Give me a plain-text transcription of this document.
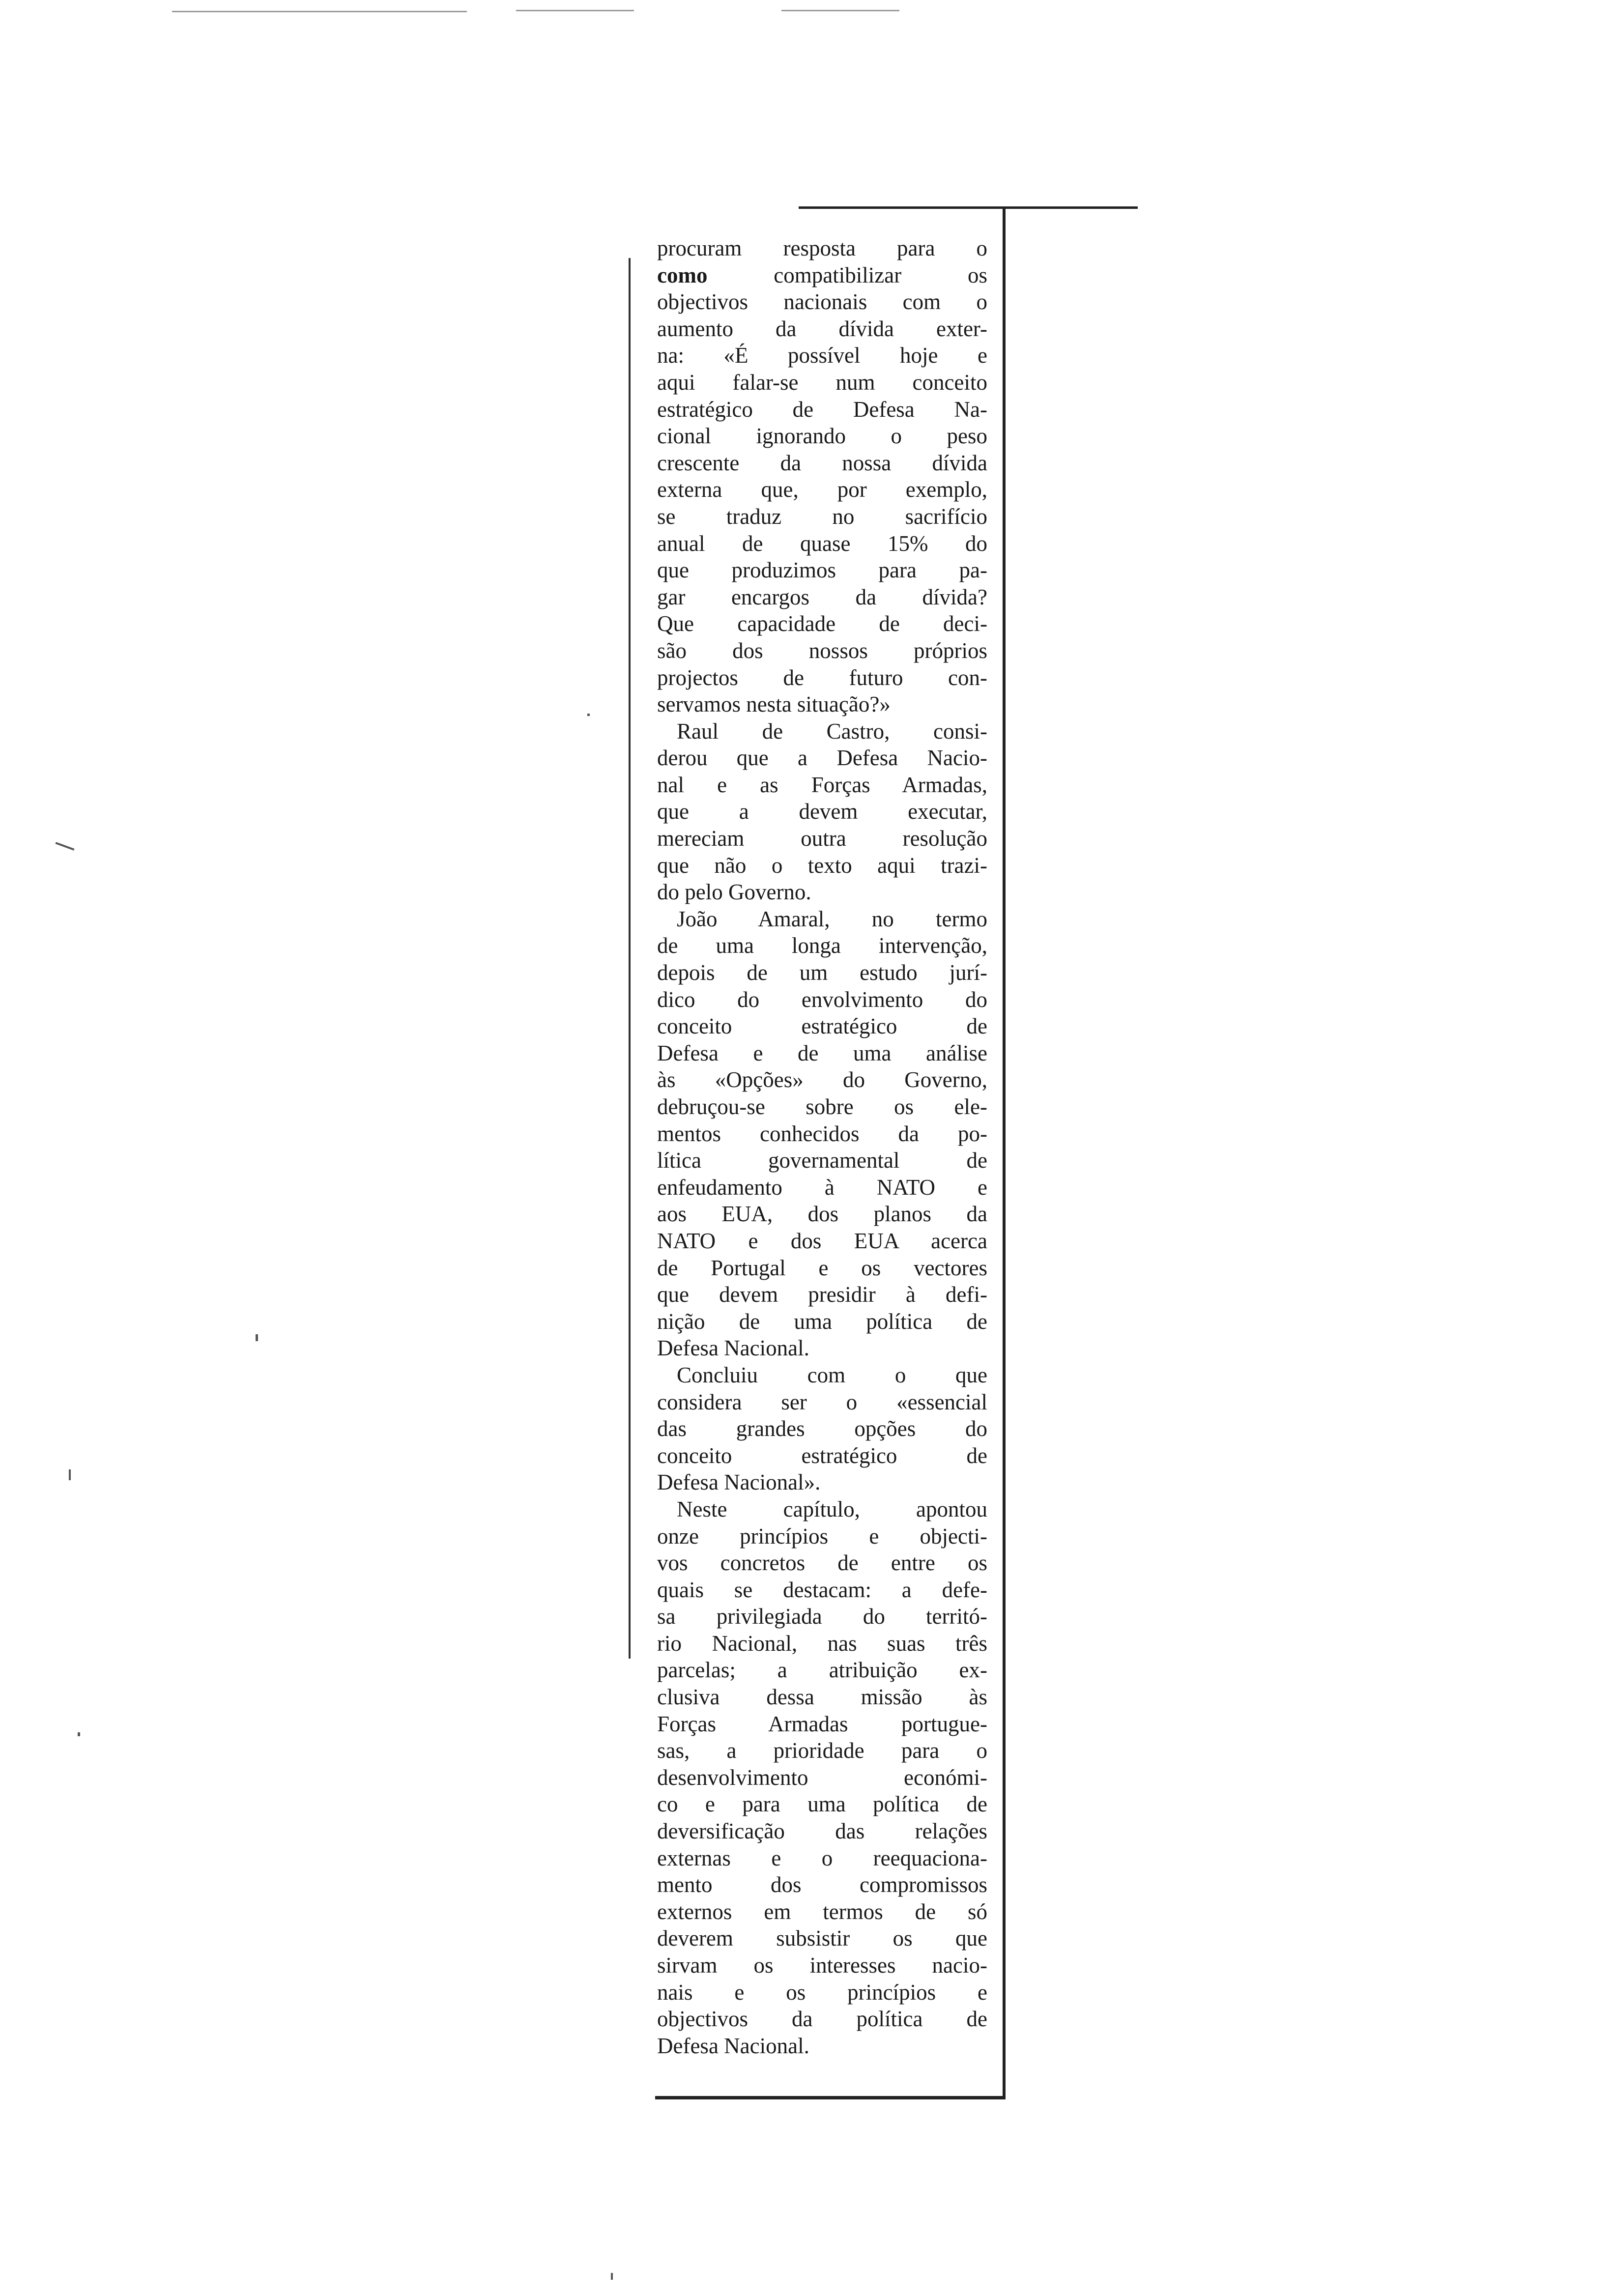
procuram resposta para o
como compatibilizar os
objectivos nacionais com o
aumento da dívida exter-
na: «É possível hoje e
aqui falar-se num conceito
estratégico de Defesa Na-
cional ignorando o peso
crescente da nossa dívida
externa que, por exemplo,
se traduz no sacrifício
anual de quase 15% do
que produzimos para pa-
gar encargos da dívida?
Que capacidade de deci-
são dos nossos próprios
projectos de futuro con-
servamos nesta situação?»
Raul de Castro, consi-
derou que a Defesa Nacio-
nal e as Forças Armadas,
que a devem executar,
mereciam outra resolução
que não o texto aqui trazi-
do pelo Governo.
João Amaral, no termo
de uma longa intervenção,
depois de um estudo jurí-
dico do envolvimento do
conceito estratégico de
Defesa e de uma análise
às «Opções» do Governo,
debruçou-se sobre os ele-
mentos conhecidos da po-
lítica governamental de
enfeudamento à NATO e
aos EUA, dos planos da
NATO e dos EUA acerca
de Portugal e os vectores
que devem presidir à defi-
nição de uma política de
Defesa Nacional.
Concluiu com o que
considera ser o «essencial
das grandes opções do
conceito estratégico de
Defesa Nacional».
Neste capítulo, apontou
onze princípios e objecti-
vos concretos de entre os
quais se destacam: a defe-
sa privilegiada do territó-
rio Nacional, nas suas três
parcelas; a atribuição ex-
clusiva dessa missão às
Forças Armadas portugue-
sas, a prioridade para o
desenvolvimento económi-
co e para uma política de
deversificação das relações
externas e o reequaciona-
mento dos compromissos
externos em termos de só
deverem subsistir os que
sirvam os interesses nacio-
nais e os princípios e
objectivos da política de
Defesa Nacional.
